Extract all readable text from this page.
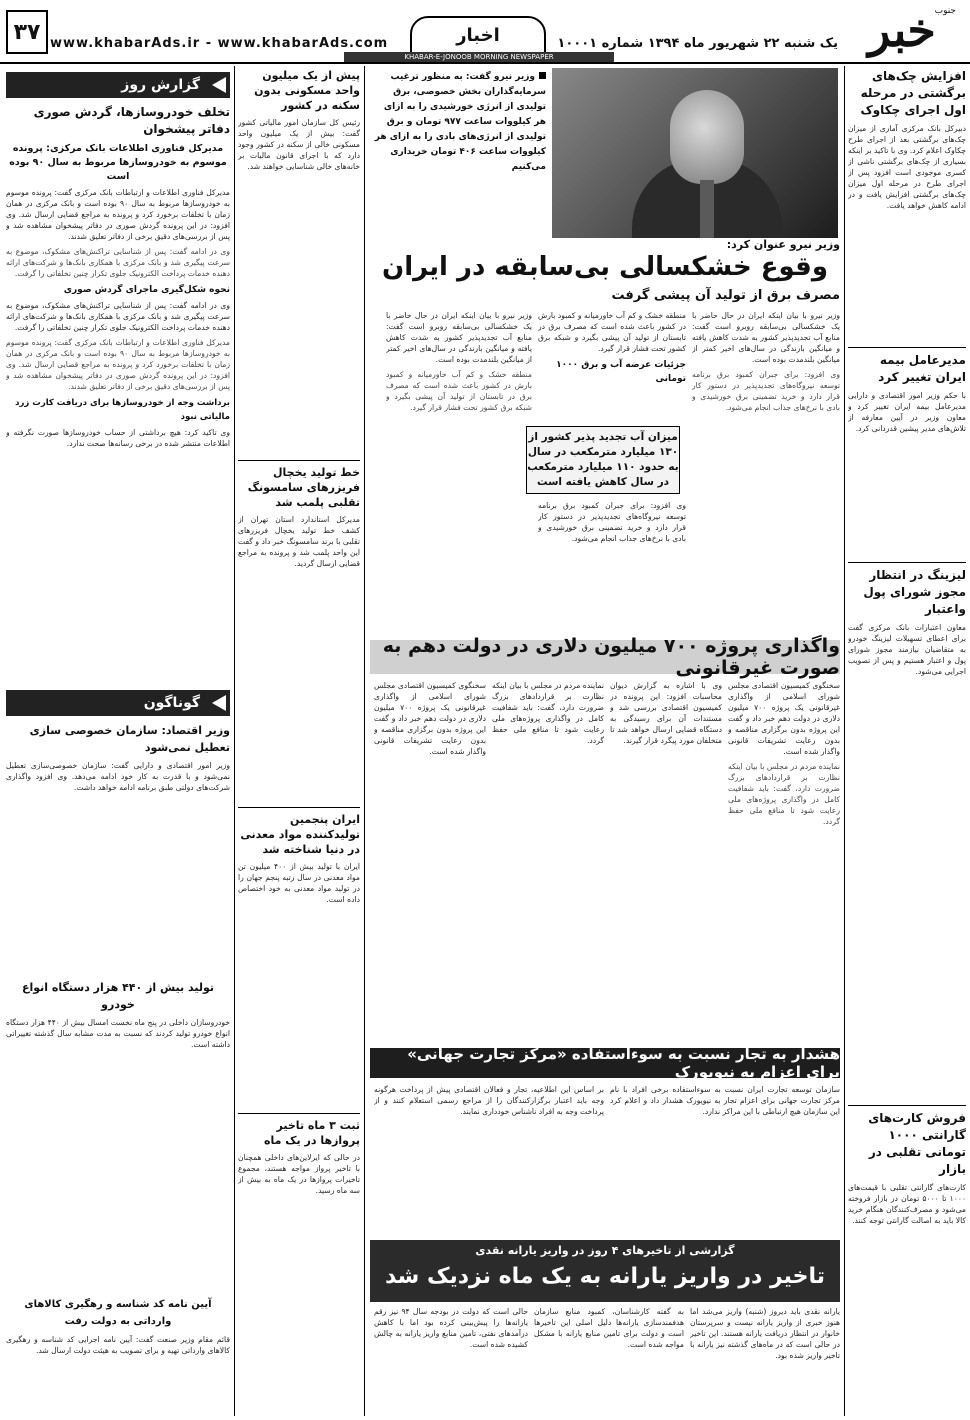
خبر
جنوب
یک شنبه ۲۲ شهریور ماه ۱۳۹۴ شماره ۱۰۰۰۱
اخبار
KHABAR-E-JONOOB MORNING NEWSPAPER
www.khabarAds.ir - www.khabarAds.com
۳۷
افزایش چک‌های برگشتی در مرحله اول اجرای چکاوک

دبیرکل بانک مرکزی آماری از میزان چک‌های برگشتی بعد از اجرای طرح چکاوک اعلام کرد. وی با تاکید بر اینکه بسیاری از چک‌های برگشتی ناشی از کسری موجودی است افزود پس از اجرای طرح در مرحله اول میزان چک‌های برگشتی افزایش یافت و در ادامه کاهش خواهد یافت.

مدیرعامل بیمه ایران تغییر کرد

با حکم وزیر امور اقتصادی و دارایی مدیرعامل بیمه ایران تغییر کرد و معاون وزیر در آیین معارفه از تلاش‌های مدیر پیشین قدردانی کرد.

لیزینگ در انتظار مجوز شورای پول واعتبار

معاون اعتبارات بانک مرکزی گفت برای اعطای تسهیلات لیزینگ خودرو به متقاضیان نیازمند مجوز شورای پول و اعتبار هستیم و پس از تصویب اجرایی می‌شود.

فروش کارت‌های گارانتی ۱۰۰۰ تومانی تقلبی در بازار

کارت‌های گارانتی تقلبی با قیمت‌های ۱۰۰۰ تا ۵۰۰۰ تومان در بازار فروخته می‌شود و مصرف‌کنندگان هنگام خرید کالا باید به اصالت گارانتی توجه کنند.

وزیر نیرو گفت: به منظور ترغیب سرمایه‌گذاران بخش خصوصی، برق تولیدی از انرژی خورشیدی را به ازای هر کیلووات ساعت ۹۷۷ تومان و برق تولیدی از انرژی‌های بادی را به ازای هر کیلووات ساعت ۴۰۶ تومان خریداری می‌کنیم
وزیر نیرو عنوان کرد:
وقوع خشکسالی بی‌سابقه در ایران
مصرف برق از تولید آن پیشی گرفت

وزیر نیرو با بیان اینکه ایران در حال حاضر با یک خشکسالی بی‌سابقه روبرو است گفت: منابع آب تجدیدپذیر کشور به شدت کاهش یافته و میانگین بارندگی در سال‌های اخیر کمتر از میانگین بلندمدت بوده است.

وی افزود: برای جبران کمبود برق برنامه توسعه نیروگاه‌های تجدیدپذیر در دستور کار قرار دارد و خرید تضمینی برق خورشیدی و بادی با نرخ‌های جذاب انجام می‌شود.

منطقه خشک و کم آب خاورمیانه و کمبود بارش در کشور باعث شده است که مصرف برق در تابستان از تولید آن پیشی بگیرد و شبکه برق کشور تحت فشار قرار گیرد.

جزئیات عرضه آب و برق ۱۰۰۰ تومانی
میزان آب تجدید پذیر کشور از ۱۳۰ میلیارد مترمکعب در سال به حدود ۱۱۰ میلیارد مترمکعب در سال کاهش یافته است

وی افزود: برای جبران کمبود برق برنامه توسعه نیروگاه‌های تجدیدپذیر در دستور کار قرار دارد و خرید تضمینی برق خورشیدی و بادی با نرخ‌های جذاب انجام می‌شود.

وزیر نیرو با بیان اینکه ایران در حال حاضر با یک خشکسالی بی‌سابقه روبرو است گفت: منابع آب تجدیدپذیر کشور به شدت کاهش یافته و میانگین بارندگی در سال‌های اخیر کمتر از میانگین بلندمدت بوده است.

منطقه خشک و کم آب خاورمیانه و کمبود بارش در کشور باعث شده است که مصرف برق در تابستان از تولید آن پیشی بگیرد و شبکه برق کشور تحت فشار قرار گیرد.

واگذاری پروژه ۷۰۰ میلیون دلاری در دولت دهم به صورت غیرقانونی

سخنگوی کمیسیون اقتصادی مجلس شورای اسلامی از واگذاری غیرقانونی یک پروژه ۷۰۰ میلیون دلاری در دولت دهم خبر داد و گفت این پروژه بدون برگزاری مناقصه و بدون رعایت تشریفات قانونی واگذار شده است.

نماینده مردم در مجلس با بیان اینکه نظارت بر قراردادهای بزرگ ضرورت دارد، گفت: باید شفافیت کامل در واگذاری پروژه‌های ملی رعایت شود تا منافع ملی حفظ گردد.

وی با اشاره به گزارش دیوان محاسبات افزود: این پرونده در کمیسیون اقتصادی بررسی شد و مستندات آن برای رسیدگی به دستگاه قضایی ارسال خواهد شد تا متخلفان مورد پیگرد قرار گیرند.

نماینده مردم در مجلس با بیان اینکه نظارت بر قراردادهای بزرگ ضرورت دارد، گفت: باید شفافیت کامل در واگذاری پروژه‌های ملی رعایت شود تا منافع ملی حفظ گردد.

سخنگوی کمیسیون اقتصادی مجلس شورای اسلامی از واگذاری غیرقانونی یک پروژه ۷۰۰ میلیون دلاری در دولت دهم خبر داد و گفت این پروژه بدون برگزاری مناقصه و بدون رعایت تشریفات قانونی واگذار شده است.

هشدار به تجار نسبت به سوءاستفاده «مرکز تجارت جهانی» برای اعزام به نیویورک

سازمان توسعه تجارت ایران نسبت به سوءاستفاده برخی افراد با نام مرکز تجارت جهانی برای اعزام تجار به نیویورک هشدار داد و اعلام کرد این سازمان هیچ ارتباطی با این مراکز ندارد.

بر اساس این اطلاعیه، تجار و فعالان اقتصادی پیش از پرداخت هرگونه وجه باید اعتبار برگزارکنندگان را از مراجع رسمی استعلام کنند و از پرداخت وجه به افراد ناشناس خودداری نمایند.

گزارشی از تاخیرهای ۴ روز در واریز یارانه نقدی
تاخیر در واریز یارانه به یک ماه نزدیک شد

یارانه نقدی باید دیروز (شنبه) واریز می‌شد اما هنوز خبری از واریز یارانه نیست و سرپرستان خانوار در انتظار دریافت یارانه هستند. این تاخیر در حالی است که در ماه‌های گذشته نیز یارانه با تاخیر واریز شده بود.

به گفته کارشناسان، کمبود منابع سازمان هدفمندسازی یارانه‌ها دلیل اصلی این تاخیرها است و دولت برای تامین منابع یارانه با مشکل مواجه شده است.

حالی است که دولت در بودجه سال ۹۴ نیز رقم یارانه‌ها را پیش‌بینی کرده بود اما با کاهش درآمدهای نفتی، تامین منابع واریز یارانه به چالش کشیده شده است.

پیش از یک میلیون واحد مسکونی بدون سکنه در کشور

رئیس کل سازمان امور مالیاتی کشور گفت: بیش از یک میلیون واحد مسکونی خالی از سکنه در کشور وجود دارد که با اجرای قانون مالیات بر خانه‌های خالی شناسایی خواهند شد.

خط تولید یخچال فریزرهای سامسونگ تقلبی پلمب شد

مدیرکل استاندارد استان تهران از کشف خط تولید یخچال فریزرهای تقلبی با برند سامسونگ خبر داد و گفت این واحد پلمب شد و پرونده به مراجع قضایی ارسال گردید.

ایران پنجمین تولیدکننده مواد معدنی در دنیا شناخته شد

ایران با تولید بیش از ۴۰۰ میلیون تن مواد معدنی در سال رتبه پنجم جهان را در تولید مواد معدنی به خود اختصاص داده است.

ثبت ۳ ماه تاخیر پروازها در یک ماه

در حالی که ایرلاین‌های داخلی همچنان با تاخیر پرواز مواجه هستند، مجموع تاخیرات پروازها در یک ماه به بیش از سه ماه رسید.

گزارش روز
تخلف خودروسازها، گردش صوری دفاتر پیشخوان
مدیرکل فناوری اطلاعات بانک مرکزی: پرونده موسوم به خودروسازها مربوط به سال ۹۰ بوده است

مدیرکل فناوری اطلاعات و ارتباطات بانک مرکزی گفت: پرونده موسوم به خودروسازها مربوط به سال ۹۰ بوده است و بانک مرکزی در همان زمان با تخلفات برخورد کرد و پرونده به مراجع قضایی ارسال شد. وی افزود: در این پرونده گردش صوری در دفاتر پیشخوان مشاهده شد و پس از بررسی‌های دقیق برخی از دفاتر تعلیق شدند.

وی در ادامه گفت: پس از شناسایی تراکنش‌های مشکوک، موضوع به سرعت پیگیری شد و بانک مرکزی با همکاری بانک‌ها و شرکت‌های ارائه دهنده خدمات پرداخت الکترونیک جلوی تکرار چنین تخلفاتی را گرفت.

نحوه شکل‌گیری ماجرای گردش صوری

وی در ادامه گفت: پس از شناسایی تراکنش‌های مشکوک، موضوع به سرعت پیگیری شد و بانک مرکزی با همکاری بانک‌ها و شرکت‌های ارائه دهنده خدمات پرداخت الکترونیک جلوی تکرار چنین تخلفاتی را گرفت.

مدیرکل فناوری اطلاعات و ارتباطات بانک مرکزی گفت: پرونده موسوم به خودروسازها مربوط به سال ۹۰ بوده است و بانک مرکزی در همان زمان با تخلفات برخورد کرد و پرونده به مراجع قضایی ارسال شد. وی افزود: در این پرونده گردش صوری در دفاتر پیشخوان مشاهده شد و پس از بررسی‌های دقیق برخی از دفاتر تعلیق شدند.

برداشت وجه از خودروسازها برای دریافت کارت زرد مالیاتی نبود

وی تاکید کرد: هیچ برداشتی از حساب خودروسازها صورت نگرفته و اطلاعات منتشر شده در برخی رسانه‌ها صحت ندارد.

گوناگون
وزیر اقتصاد: سازمان خصوصی سازی تعطیل نمی‌شود

وزیر امور اقتصادی و دارایی گفت: سازمان خصوصی‌سازی تعطیل نمی‌شود و با قدرت به کار خود ادامه می‌دهد. وی افزود واگذاری شرکت‌های دولتی طبق برنامه ادامه خواهد داشت.

تولید بیش از ۴۴۰ هزار دستگاه انواع خودرو

خودروسازان داخلی در پنج ماه نخست امسال بیش از ۴۴۰ هزار دستگاه انواع خودرو تولید کردند که نسبت به مدت مشابه سال گذشته تغییراتی داشته است.

آیین نامه کد شناسه و رهگیری کالاهای وارداتی به دولت رفت

قائم مقام وزیر صنعت گفت: آیین نامه اجرایی کد شناسه و رهگیری کالاهای وارداتی تهیه و برای تصویب به هیئت دولت ارسال شد.
